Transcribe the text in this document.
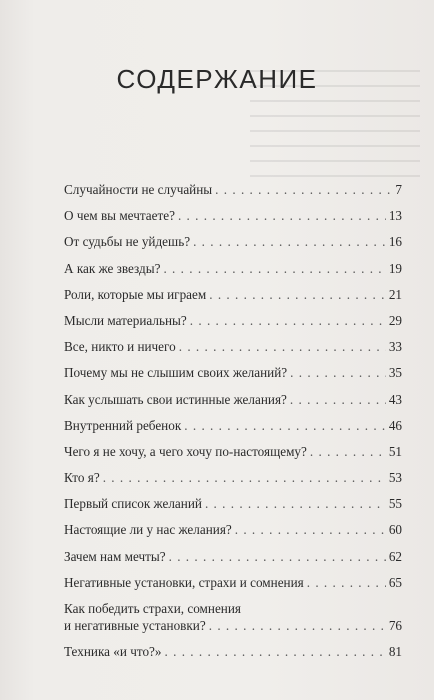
СОДЕРЖАНИЕ
Случайности не случайны . . .	7
О чем вы мечтаете? . . .	13
От судьбы не уйдешь? . . .	16
А как же звезды? . . .	19
Роли, которые мы играем . . .	21
Мысли материальны? . . .	29
Все, никто и ничего . . .	33
Почему мы не слышим своих желаний? . . .	35
Как услышать свои истинные желания? . . .	43
Внутренний ребенок . . .	46
Чего я не хочу, а чего хочу по-настоящему? . . .	51
Кто я? . . .	53
Первый список желаний . . .	55
Настоящие ли у нас желания? . . .	60
Зачем нам мечты? . . .	62
Негативные установки, страхи и сомнения . . .	65
Как победить страхи, сомнения
и негативные установки? . . .	76
Техника «и что?» . . .	81
